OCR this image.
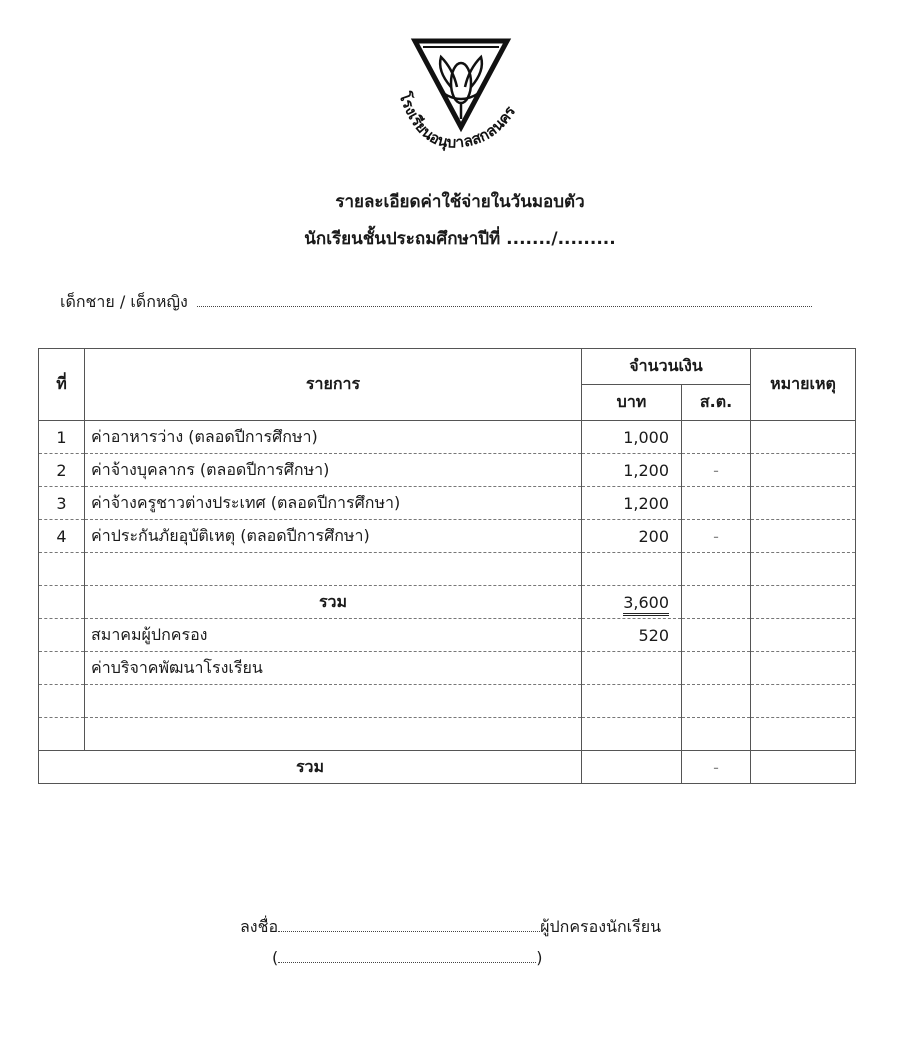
โรงเรียนอนุบาลสกลนคร
รายละเอียดค่าใช้จ่ายในวันมอบตัว
นักเรียนชั้นประถมศึกษาปีที่ ......./.........
เด็กชาย / เด็กหญิง
ที่	รายการ	จำนวนเงิน		หมายเหตุ
		บาท	ส.ต.	
1	ค่าอาหารว่าง (ตลอดปีการศึกษา)	1,000		
2	ค่าจ้างบุคลากร (ตลอดปีการศึกษา)	1,200	-	
3	ค่าจ้างครูชาวต่างประเทศ (ตลอดปีการศึกษา)	1,200		
4	ค่าประกันภัยอุบัติเหตุ (ตลอดปีการศึกษา)	200	-	

	รวม	3,600		
	สมาคมผู้ปกครอง	520		
	ค่าบริจาคพัฒนาโรงเรียน			

รวม			-	
ลงชื่อ	ผู้ปกครองนักเรียน
(	)
